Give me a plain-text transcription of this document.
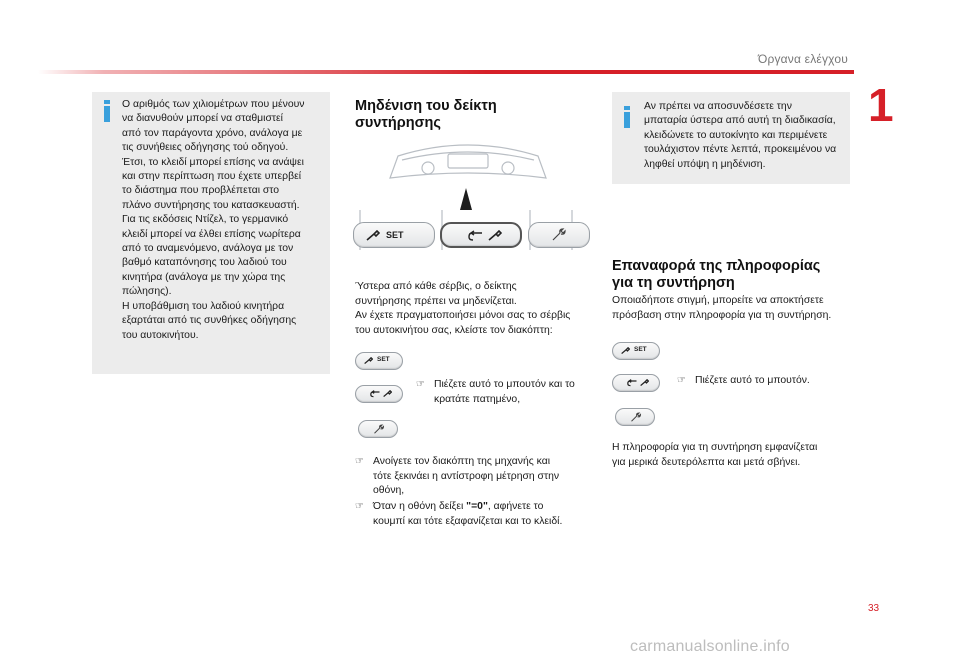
Όργανα ελέγχου
1
33
Ο αριθμός των χιλιομέτρων που μένουν
να διανυθούν μπορεί να σταθμιστεί
από τον παράγοντα χρόνο, ανάλογα με
τις συνήθειες οδήγησης τού οδηγού.
Έτσι, το κλειδί μπορεί επίσης να ανάψει
και στην περίπτωση που έχετε υπερβεί
το διάστημα που προβλέπεται στο
πλάνο συντήρησης του κατασκευαστή.
Για τις εκδόσεις Ντίζελ, το γερμανικό
κλειδί μπορεί να έλθει επίσης νωρίτερα
από το αναμενόμενο, ανάλογα με τον
βαθμό καταπόνησης του λαδιού του
κινητήρα (ανάλογα με την χώρα της
πώλησης).
Η υποβάθμιση του λαδιού κινητήρα
εξαρτάται από τις συνθήκες οδήγησης
του αυτοκινήτου.
Μηδένιση του δείκτη
συντήρησης
SET
Ύστερα από κάθε σέρβις, ο δείκτης
συντήρησης πρέπει να μηδενίζεται.
Αν έχετε πραγματοποιήσει μόνοι σας το σέρβις
του αυτοκινήτου σας, κλείστε τον διακόπτη:
SET
☞ Πιέζετε αυτό το μπουτόν και το
κρατάτε πατημένο,
☞ Ανοίγετε τον διακόπτη της μηχανής και
τότε ξεκινάει η αντίστροφη μέτρηση στην
οθόνη,
☞ Όταν η οθόνη δείξει "=0", αφήνετε το
κουμπί και τότε εξαφανίζεται και το κλειδί.
Αν πρέπει να αποσυνδέσετε την
μπαταρία ύστερα από αυτή τη διαδικασία,
κλειδώνετε το αυτοκίνητο και περιμένετε
τουλάχιστον πέντε λεπτά, προκειμένου να
ληφθεί υπόψη η μηδένιση.
Επαναφορά της πληροφορίας
για τη συντήρηση
Οποιαδήποτε στιγμή, μπορείτε να αποκτήσετε
πρόσβαση στην πληροφορία για τη συντήρηση.
SET
☞ Πιέζετε αυτό το μπουτόν.
Η πληροφορία για τη συντήρηση εμφανίζεται
για μερικά δευτερόλεπτα και μετά σβήνει.
carmanualsonline.info
